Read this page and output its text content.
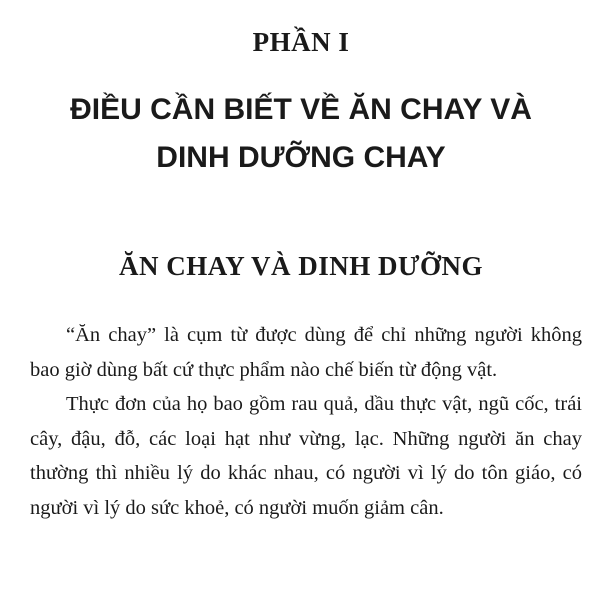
PHẦN I
ĐIỀU CẦN BIẾT VỀ ĂN CHAY VÀ
DINH DƯỠNG CHAY
ĂN CHAY VÀ DINH DƯỠNG

“Ăn chay” là cụm từ được dùng để chỉ những người không bao giờ dùng bất cứ thực phẩm nào chế biến từ động vật.

Thực đơn của họ bao gồm rau quả, dầu thực vật, ngũ cốc, trái cây, đậu, đỗ, các loại hạt như vừng, lạc. Những người ăn chay thường thì nhiều lý do khác nhau, có người vì lý do tôn giáo, có người vì lý do sức khoẻ, có người muốn giảm cân.
